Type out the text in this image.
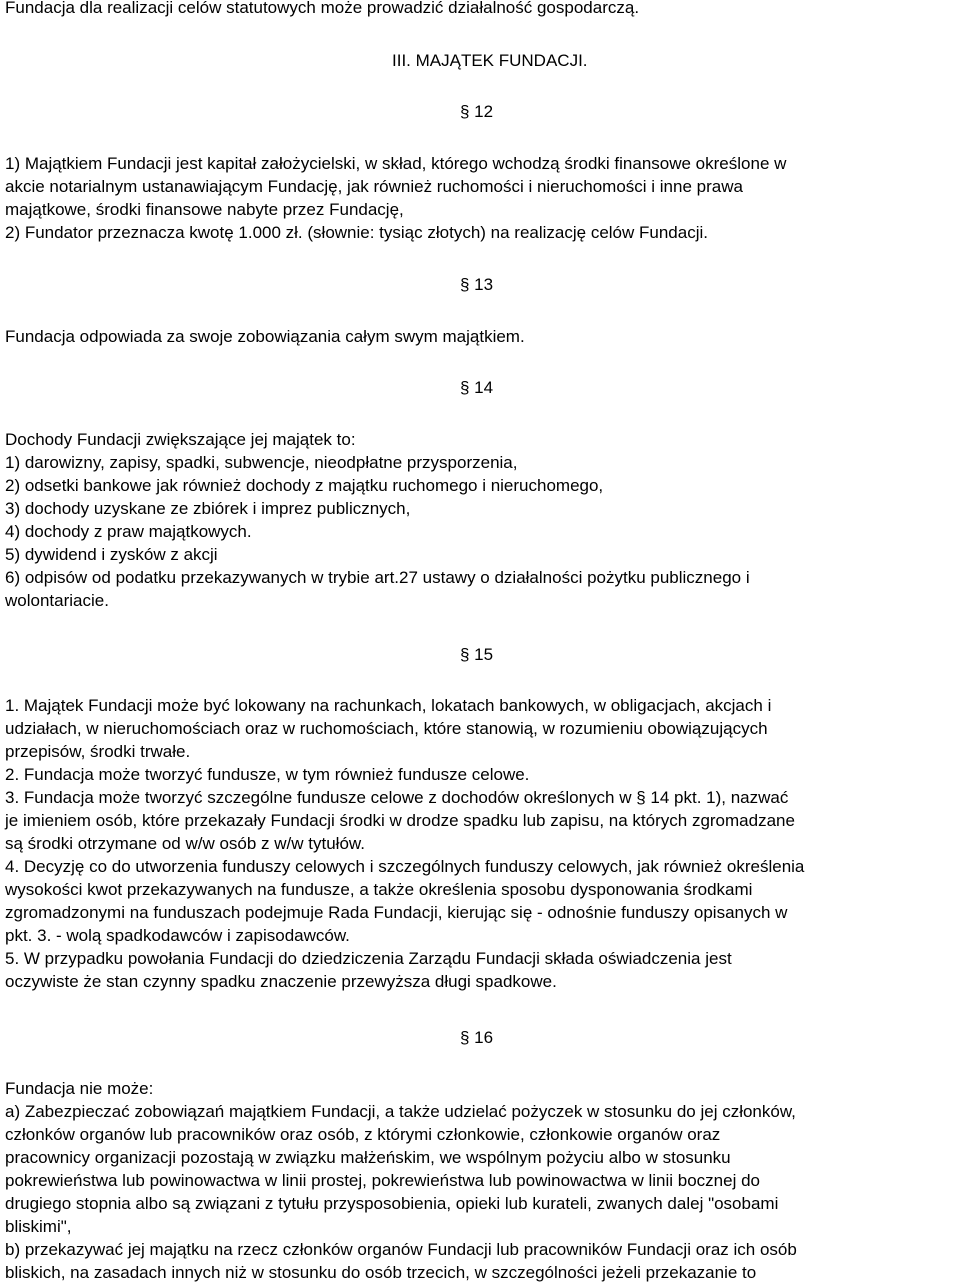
Fundacja dla realizacji celów statutowych może prowadzić działalność gospodarczą.
III. MAJĄTEK FUNDACJI.
§ 12
1) Majątkiem Fundacji jest kapitał założycielski, w skład, którego wchodzą środki finansowe określone w
akcie notarialnym ustanawiającym Fundację, jak również ruchomości i nieruchomości i inne prawa
majątkowe, środki finansowe nabyte przez Fundację,
2) Fundator przeznacza kwotę 1.000 zł. (słownie: tysiąc złotych) na realizację celów Fundacji.
§ 13
Fundacja odpowiada za swoje zobowiązania całym swym majątkiem.
§ 14
Dochody Fundacji zwiększające jej majątek to:
1) darowizny, zapisy, spadki, subwencje, nieodpłatne przysporzenia,
2) odsetki bankowe jak również dochody z majątku ruchomego i nieruchomego,
3) dochody uzyskane ze zbiórek i imprez publicznych,
4) dochody z praw majątkowych.
5) dywidend i zysków z akcji
6) odpisów od podatku przekazywanych w trybie art.27 ustawy o działalności pożytku publicznego i
wolontariacie.
§ 15
1. Majątek Fundacji może być lokowany na rachunkach, lokatach bankowych, w obligacjach, akcjach i
udziałach, w nieruchomościach oraz w ruchomościach, które stanowią, w rozumieniu obowiązujących
przepisów, środki trwałe.
2. Fundacja może tworzyć fundusze, w tym również fundusze celowe.
3. Fundacja może tworzyć szczególne fundusze celowe z dochodów określonych w § 14 pkt. 1), nazwać
je imieniem osób, które przekazały Fundacji środki w drodze spadku lub zapisu, na których zgromadzane
są środki otrzymane od w/w osób z w/w tytułów.
4. Decyzję co do utworzenia funduszy celowych i szczególnych funduszy celowych, jak również określenia
wysokości kwot przekazywanych na fundusze, a także określenia sposobu dysponowania środkami
zgromadzonymi na funduszach podejmuje Rada Fundacji, kierując się - odnośnie funduszy opisanych w
pkt. 3. - wolą spadkodawców i zapisodawców.
5. W przypadku powołania Fundacji do dziedziczenia Zarządu Fundacji składa oświadczenia jest
oczywiste że stan czynny spadku znaczenie przewyższa długi spadkowe.
§ 16
Fundacja nie może:
a) Zabezpieczać zobowiązań majątkiem Fundacji, a także udzielać pożyczek w stosunku do jej członków,
członków organów lub pracowników oraz osób, z którymi członkowie, członkowie organów oraz
pracownicy organizacji pozostają w związku małżeńskim, we wspólnym pożyciu albo w stosunku
pokrewieństwa lub powinowactwa w linii prostej, pokrewieństwa lub powinowactwa w linii bocznej do
drugiego stopnia albo są związani z tytułu przysposobienia, opieki lub kurateli, zwanych dalej "osobami
bliskimi",
b) przekazywać jej majątku na rzecz członków organów Fundacji lub pracowników Fundacji oraz ich osób
bliskich, na zasadach innych niż w stosunku do osób trzecich, w szczególności jeżeli przekazanie to
